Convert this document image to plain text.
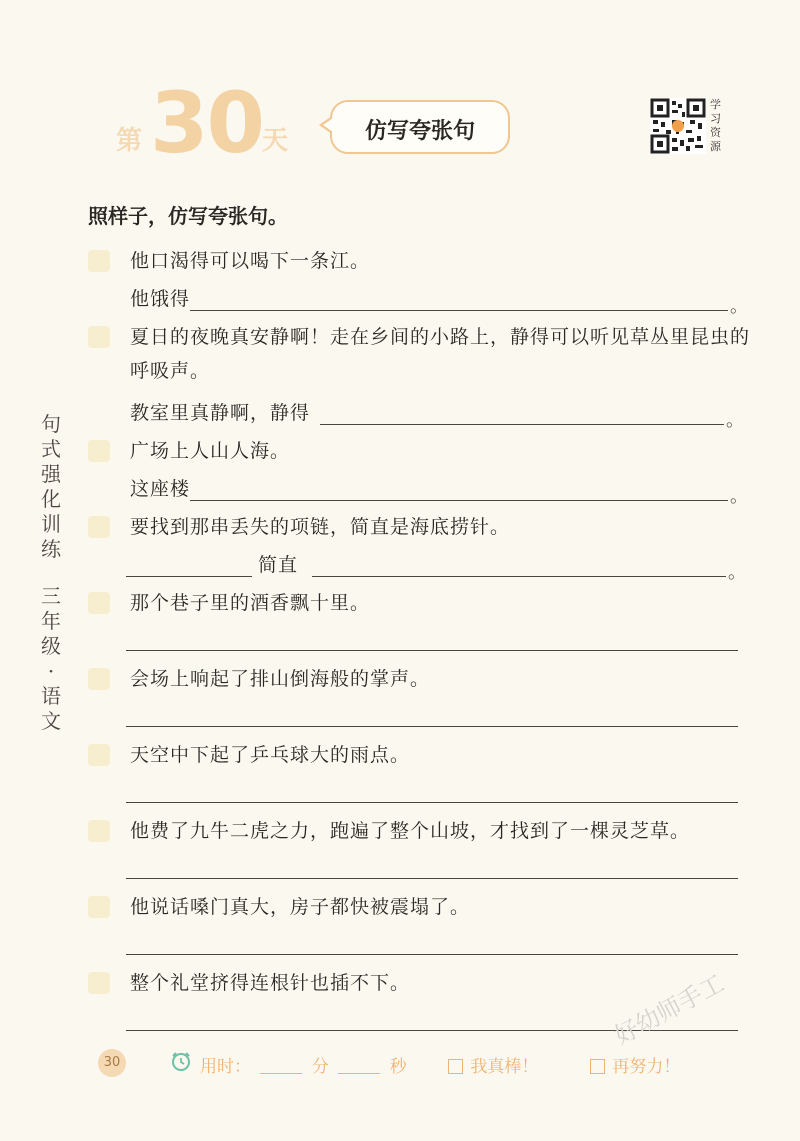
第 30 天	仿写夸张句
学习资源
照样子，仿写夸张句。
句式强化训练
三年级·语文
他口渴得可以喝下一条江。
他饿得	。
夏日的夜晚真安静啊！走在乡间的小路上，静得可以听见草丛里昆虫的呼吸声。
教室里真静啊，静得	。
广场上人山人海。
这座楼	。
要找到那串丢失的项链，简直是海底捞针。
简直	。
那个巷子里的酒香飘十里。
会场上响起了排山倒海般的掌声。
天空中下起了乒乓球大的雨点。
他费了九牛二虎之力，跑遍了整个山坡，才找到了一棵灵芝草。
他说话嗓门真大，房子都快被震塌了。
整个礼堂挤得连根针也插不下。
30	用时：	分	秒	我真棒！	再努力！
好幼师手工
